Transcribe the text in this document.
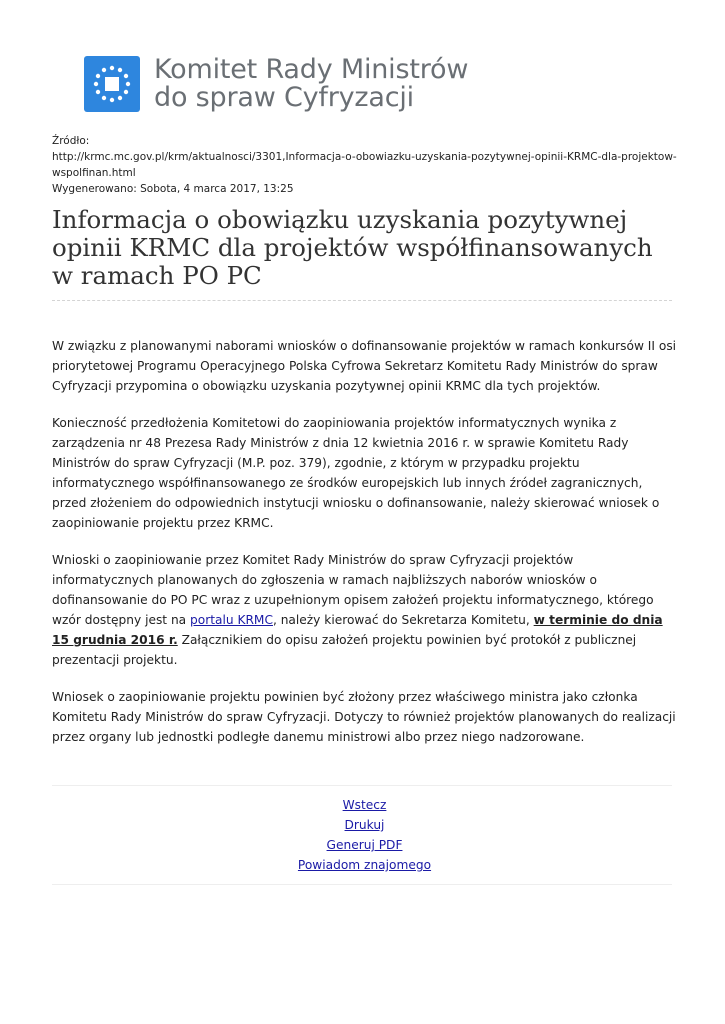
Komitet Rady Ministrów
do spraw Cyfryzacji
Źródło:
http://krmc.mc.gov.pl/krm/aktualnosci/3301,Informacja-o-obowiazku-uzyskania-pozytywnej-opinii-KRMC-dla-projektow-wspolfinan.html
Wygenerowano: Sobota, 4 marca 2017, 13:25
Informacja o obowiązku uzyskania pozytywnej opinii KRMC dla projektów współfinansowanych w ramach PO PC

W związku z planowanymi naborami wniosków o dofinansowanie projektów w ramach konkursów II osi priorytetowej Programu Operacyjnego Polska Cyfrowa Sekretarz Komitetu Rady Ministrów do spraw Cyfryzacji przypomina o obowiązku uzyskania pozytywnej opinii KRMC dla tych projektów.

Konieczność przedłożenia Komitetowi do zaopiniowania projektów informatycznych wynika z zarządzenia nr 48 Prezesa Rady Ministrów z dnia 12 kwietnia 2016 r. w sprawie Komitetu Rady Ministrów do spraw Cyfryzacji (M.P. poz. 379), zgodnie, z którym w przypadku projektu informatycznego współfinansowanego ze środków europejskich lub innych źródeł zagranicznych, przed złożeniem do odpowiednich instytucji wniosku o dofinansowanie, należy skierować wniosek o zaopiniowanie projektu przez KRMC.

Wnioski o zaopiniowanie przez Komitet Rady Ministrów do spraw Cyfryzacji projektów informatycznych planowanych do zgłoszenia w ramach najbliższych naborów wniosków o dofinansowanie do PO PC wraz z uzupełnionym opisem założeń projektu informatycznego, którego wzór dostępny jest na portalu KRMC, należy kierować do Sekretarza Komitetu, w terminie do dnia 15 grudnia 2016 r. Załącznikiem do opisu założeń projektu powinien być protokół z publicznej prezentacji projektu.

Wniosek o zaopiniowanie projektu powinien być złożony przez właściwego ministra jako członka Komitetu Rady Ministrów do spraw Cyfryzacji. Dotyczy to również projektów planowanych do realizacji przez organy lub jednostki podległe danemu ministrowi albo przez niego nadzorowane.

Wstecz
Drukuj
Generuj PDF
Powiadom znajomego
